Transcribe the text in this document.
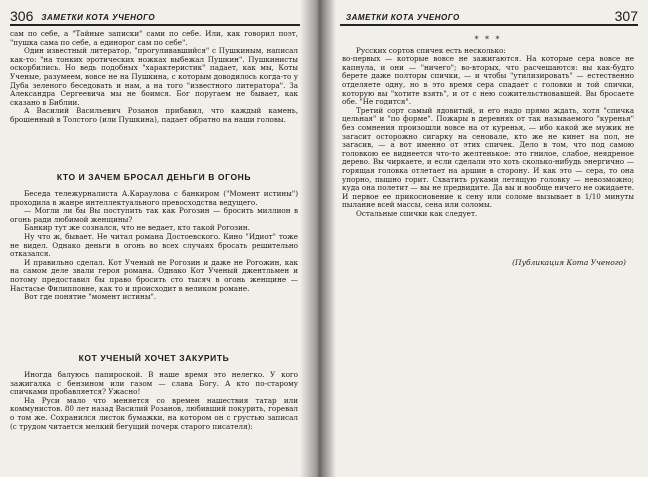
306 ЗАМЕТКИ КОТА УЧЕНОГО

сам по себе, а "Тайные записки" сами по себе. Или, как говорил поэт, "пушка сама по себе, а единорог сам по себе".

Один известный литератор, "прогуливавшийся" с Пушкиным, написал как-то: "на тонких эротических ножках выбежал Пушкин". Пушкинисты оскорбились. Но ведь подобных "характеристик" падает, как мы, Коты Ученые, разумеем, вовсе не на Пушкина, с которым доводилось когда-то у Дуба зеленого беседовать и нам, а на того "известного литератора". За Александра Сергеевича мы не боимся. Бог поругаем не бывает, как сказано в Библии.

А Василий Васильевич Розанов прибавил, что каждый камень, брошенный в Толстого (или Пушкина), падает обратно на наши головы.

КТО И ЗАЧЕМ БРОСАЛ ДЕНЬГИ В ОГОНЬ

Беседа тележурналиста А.Караулова с банкиром ("Момент истины") проходила в жанре интеллектуального превосходства ведущего.

— Могли ли бы Вы поступить так как Рогозин — бросить миллион в огонь ради любимой женщины?

Банкир тут же сознался, что не ведает, кто такой Рогозин.

Ну что ж, бывает. Не читал романа Достоевского. Кино "Идиот" тоже не видел. Однако деньги в огонь во всех случаях бросать решительно отказался.

И правильно сделал. Кот Ученый не Рогозин и даже не Рогожин, как на самом деле звали героя романа. Однако Кот Ученый джентльмен и потому предоставил бы право бросить сто тысяч в огонь женщине — Настасье Филипповне, как то и происходит в великом романе.

Вот где понятие "момент истины".

КОТ УЧЕНЫЙ ХОЧЕТ ЗАКУРИТЬ

Иногда балуюсь папироской. В наше время это нелегко. У кого зажигалка с бензином или газом — слава Богу. А кто по-старому спичками пробавляется? Ужасно!

На Руси мало что меняется со времен нашествия татар или коммунистов. 80 лет назад Василий Розанов, любивший покурить, горевал о том же. Сохранился листок бумажки, на котором он с грустью записал (с трудом читается мелкий бегущий почерк старого писателя):

ЗАМЕТКИ КОТА УЧЕНОГО	307
* * *

Русских сортов спичек есть несколько:

во-первых — которые вовсе не зажигаются. На которые сера вовсе не капнула, и они — "ничего"; во-вторых, что расчешаются: вы как-будто берете даже полторы спички, — и чтобы "утилизировать" — естественно отделяете одну, но в это время сера спадает с головки и той спички, которую вы "хотите взять", и от с нею сожительствовавшей. Вы бросаете обе. "Не годится".

Третий сорт самый ядовитый, и его надо прямо ждать, хотя "спичка цельная" и "по форме". Пожары в деревнях от так называемого "куренья" без сомнения произошли вовсе на от куренья, — ибо какой же мужик не загасит осторожно сигарку на сеновале, кто же не кинет на пол, не загасив, — а вот именно от этих спичек. Дело в том, что под самою головкою ее виднеется что-то желтенькое: это гнилое, слабое, неядреное дерево. Вы чиркаете, и если сделали это хоть сколько-нибудь энергично — горящая головка отлетает на аршин в сторону. И как это — сера, то она упорно, пышно горит. Схватить руками летящую головку — невозможно; куда она полетит — вы не предвидите. Да вы и вообще ничего не ожидаете. И первое ее прикосновение к сену или соломе вызывает в 1/10 минуты пылание всей массы, сена или соломы.

Остальные спички как следует.

(Публикация Кота Ученого)
